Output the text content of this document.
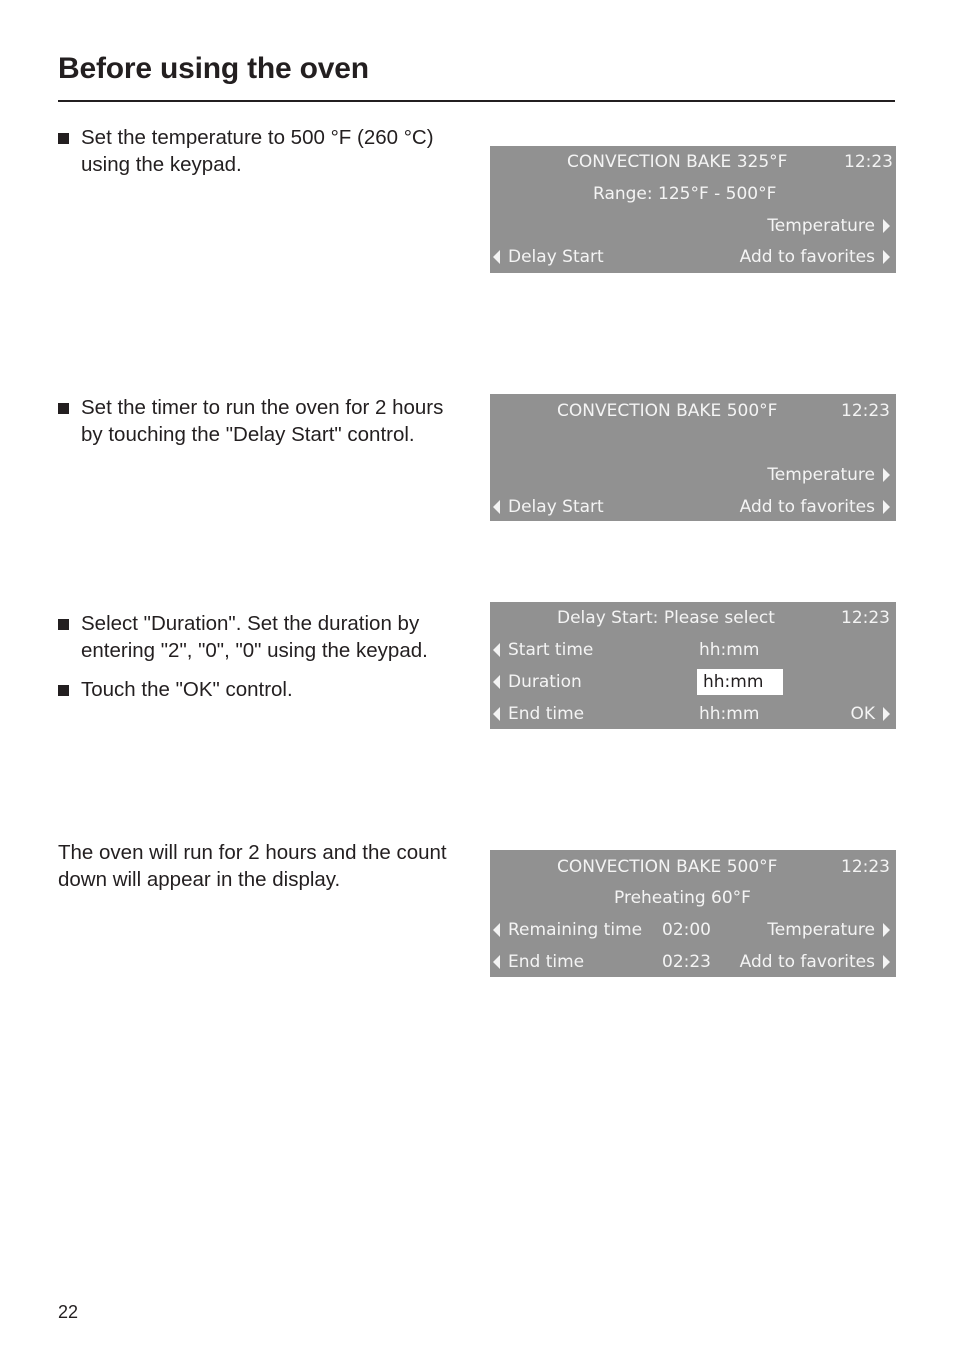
Before using the oven
Set the temperature to 500 °F (260 °C) using the keypad.	CONVECTION BAKE 325°F	12:23
Range: 125°F - 500°F
Temperature
Delay Start	Add to favorites
Set the timer to run the oven for 2 hours by touching the "Delay Start" control.
CONVECTION BAKE 500°F	12:23
Temperature
Delay Start	Add to favorites
Select "Duration". Set the duration by entering "2", "0", "0" using the keypad.
Touch the "OK" control.
Delay Start: Please select	12:23
Start time	hh:mm
Duration	hh:mm
End time	hh:mm	OK
The oven will run for 2 hours and the count down will appear in the display.
CONVECTION BAKE 500°F	12:23
Preheating 60°F
Remaining time 02:00	Temperature
End time	02:23 Add to favorites
22
